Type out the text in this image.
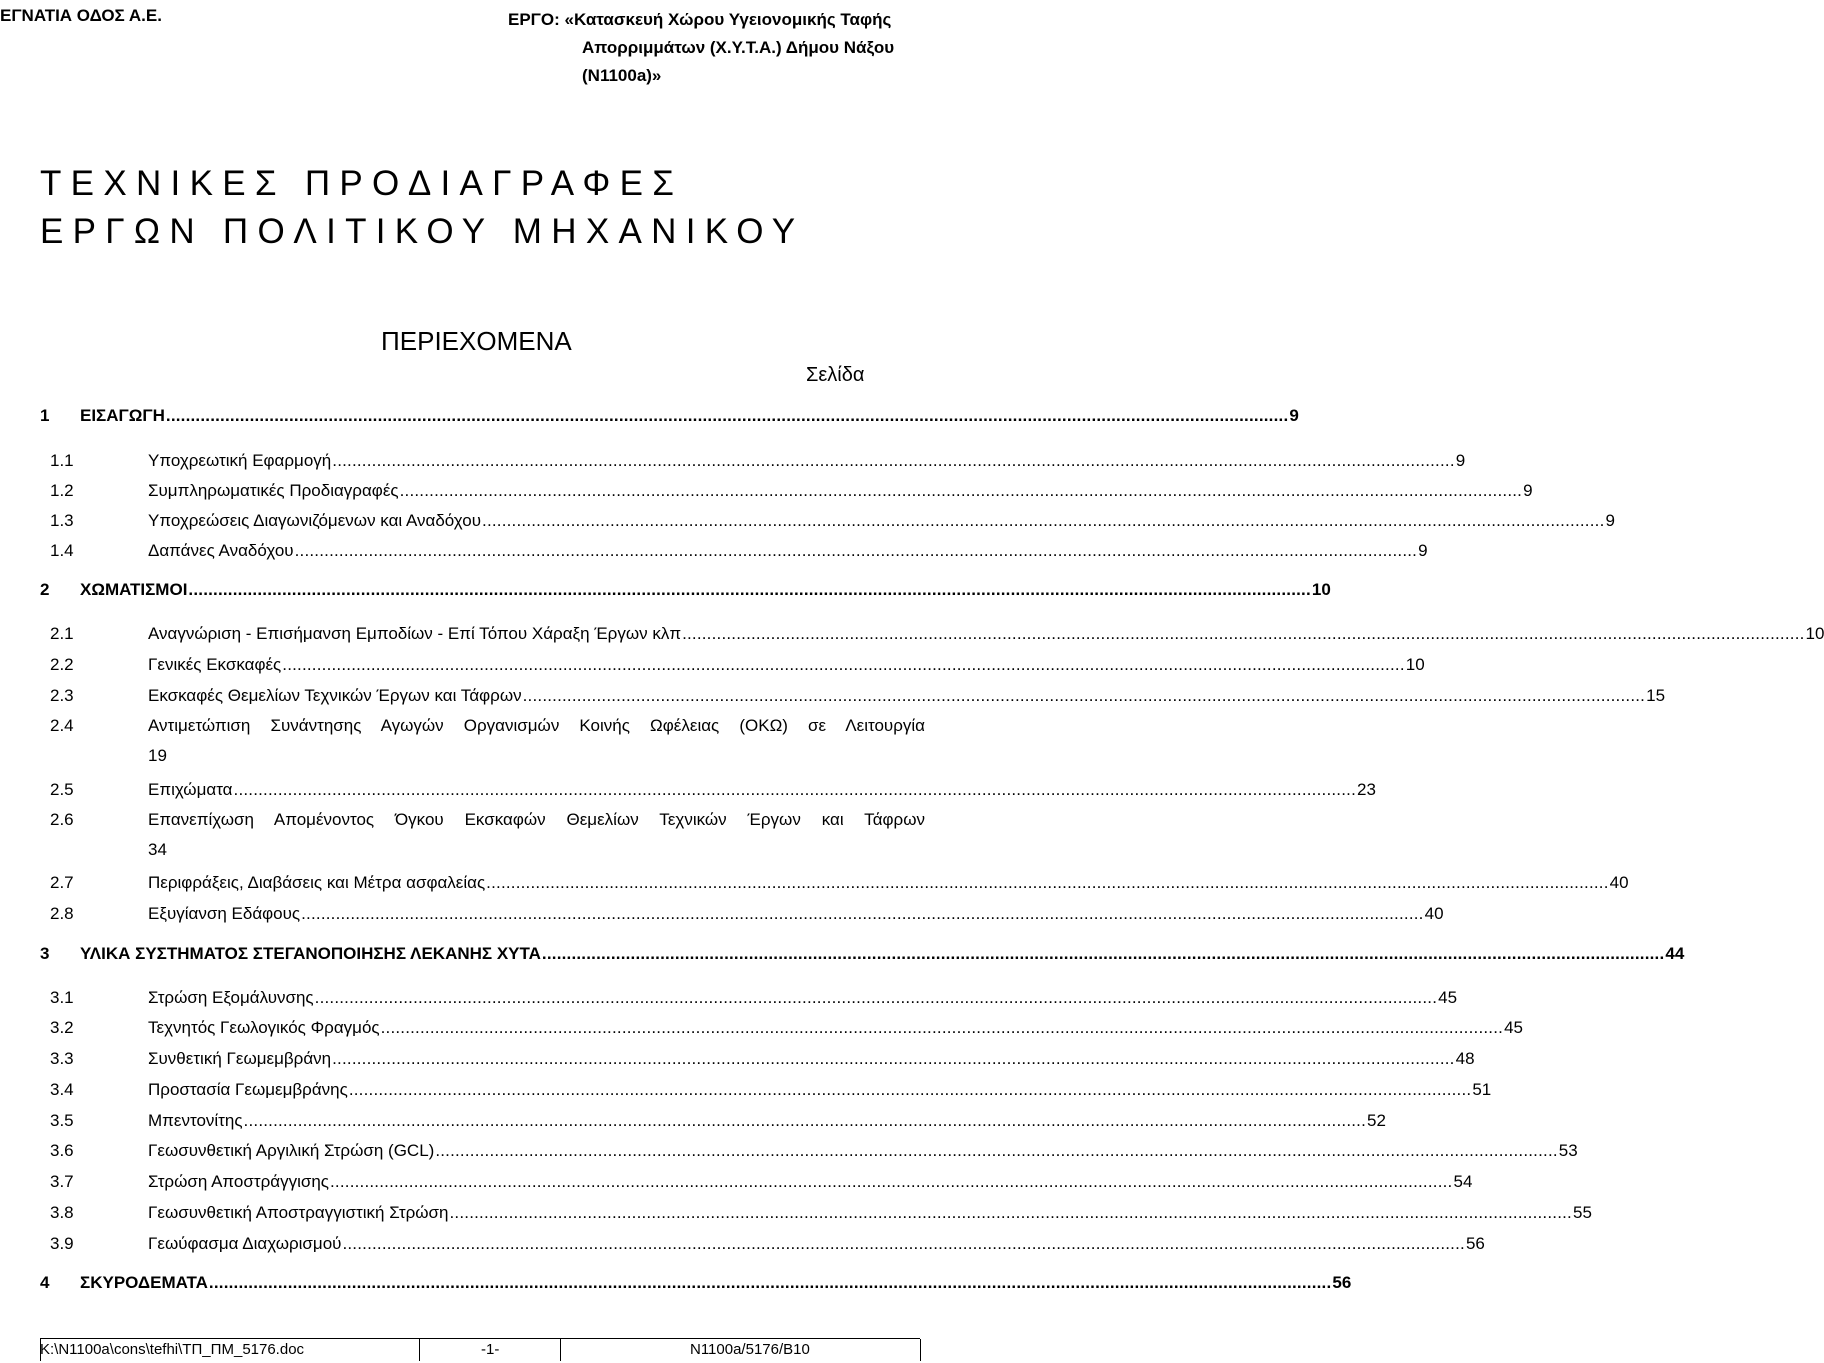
ΕΓΝΑΤΙΑ ΟΔΟΣ Α.Ε.	ΕΡΓΟ: «Κατασκευή Χώρου Υγειονομικής Ταφής
Απορριμμάτων (Χ.Υ.Τ.Α.) Δήμου Νάξου
(Ν1100a)»
ΤΕΧΝΙΚΕΣ ΠΡΟΔΙΑΓΡΑΦΕΣ
ΕΡΓΩΝ ΠΟΛΙΤΙΚΟΥ ΜΗΧΑΝΙΚΟΥ
ΠΕΡΙΕΧΟΜΕΝΑ
Σελίδα
1 ΕΙΣΑΓΩΓΗ .................................................................................................................................................................................................................................... 9
1.1	Υποχρεωτική Εφαρμογή .................................................................................................................................................................................................................................... 9
1.2	Συμπληρωματικές Προδιαγραφές .................................................................................................................................................................................................................................... 9
1.3	Υποχρεώσεις Διαγωνιζόμενων και Αναδόχου .................................................................................................................................................................................................................................... 9
1.4	Δαπάνες Αναδόχου .................................................................................................................................................................................................................................... 9
2 ΧΩΜΑΤΙΣΜΟΙ .................................................................................................................................................................................................................................... 10
2.1	Αναγνώριση - Επισήμανση Εμποδίων - Επί Τόπου Χάραξη Έργων κλπ .................................................................................................................................................................................................................................... 10
2.2	Γενικές Εκσκαφές .................................................................................................................................................................................................................................... 10
2.3	Εκσκαφές Θεμελίων Τεχνικών Έργων και Τάφρων .................................................................................................................................................................................................................................... 15
2.4	Αντιμετώπιση Συνάντησης Αγωγών Οργανισμών Κοινής Ωφέλειας (ΟΚΩ) σε Λειτουργία
19
2.5	Επιχώματα .................................................................................................................................................................................................................................... 23
2.6	Επανεπίχωση Απομένοντος Όγκου Εκσκαφών Θεμελίων Τεχνικών Έργων και Τάφρων
34
2.7	Περιφράξεις, Διαβάσεις και Μέτρα ασφαλείας .................................................................................................................................................................................................................................... 40
2.8	Εξυγίανση Εδάφους .................................................................................................................................................................................................................................... 40
3 ΥΛΙΚΑ ΣΥΣΤΗΜΑΤΟΣ ΣΤΕΓΑΝΟΠΟΙΗΣΗΣ ΛΕΚΑΝΗΣ ΧΥΤΑ .................................................................................................................................................................................................................................... 44
3.1	Στρώση Εξομάλυνσης .................................................................................................................................................................................................................................... 45
3.2	Τεχνητός Γεωλογικός Φραγμός .................................................................................................................................................................................................................................... 45
3.3	Συνθετική Γεωμεμβράνη .................................................................................................................................................................................................................................... 48
3.4	Προστασία Γεωμεμβράνης .................................................................................................................................................................................................................................... 51
3.5	Μπεντονίτης .................................................................................................................................................................................................................................... 52
3.6	Γεωσυνθετική Αργιλική Στρώση (GCL) .................................................................................................................................................................................................................................... 53
3.7	Στρώση Αποστράγγισης .................................................................................................................................................................................................................................... 54
3.8	Γεωσυνθετική Αποστραγγιστική Στρώση .................................................................................................................................................................................................................................... 55
3.9	Γεωύφασμα Διαχωρισμού .................................................................................................................................................................................................................................... 56
4 ΣΚΥΡΟΔΕΜΑΤΑ .................................................................................................................................................................................................................................... 56
K:\N1100a\cons\tefhi\ΤΠ_ΠΜ_5176.doc	-1-	N1100a/5176/B10
